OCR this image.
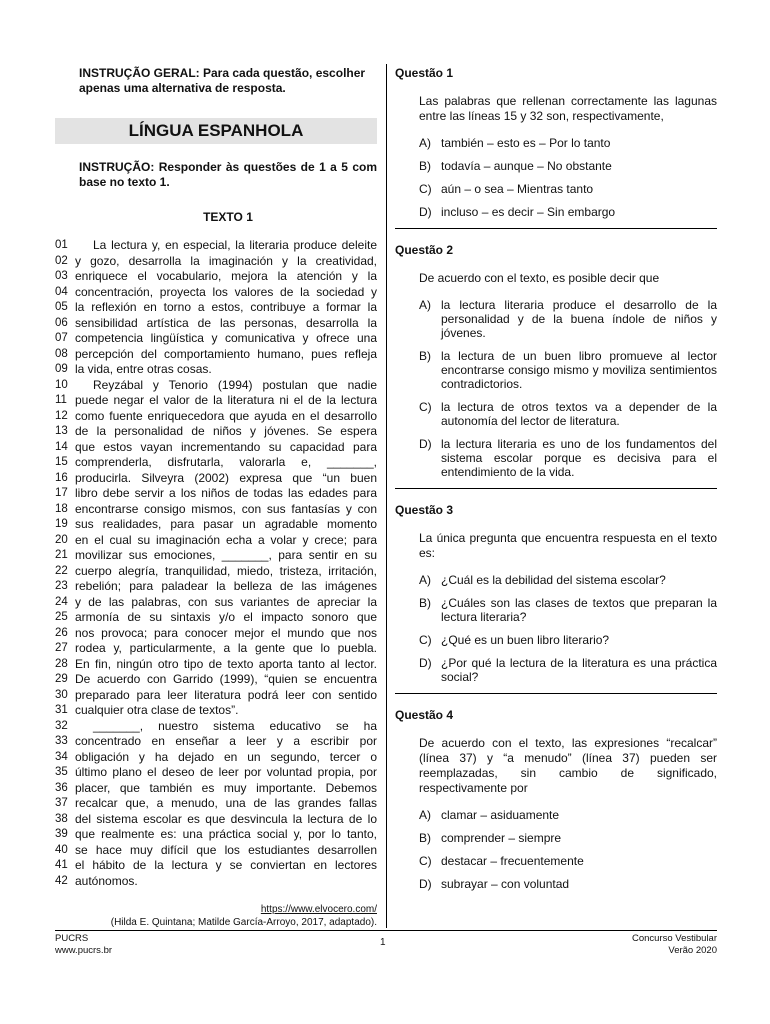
INSTRUÇÃO GERAL: Para cada questão, escolher apenas uma alternativa de resposta.
LÍNGUA ESPANHOLA
INSTRUÇÃO: Responder às questões de 1 a 5 com base no texto 1.
TEXTO 1
01	La lectura y, en especial, la literaria produce deleite
02 y gozo, desarrolla la imaginación y la creatividad,
03 enriquece el vocabulario, mejora la atención y la
04 concentración, proyecta los valores de la sociedad y
05 la reflexión en torno a estos, contribuye a formar la
06 sensibilidad artística de las personas, desarrolla la
07 competencia lingüística y comunicativa y ofrece una
08 percepción del comportamiento humano, pues refleja
09 la vida, entre otras cosas.
10	Reyzábal y Tenorio (1994) postulan que nadie
11 puede negar el valor de la literatura ni el de la lectura
12 como fuente enriquecedora que ayuda en el desarrollo
13 de la personalidad de niños y jóvenes. Se espera
14 que estos vayan incrementando su capacidad para
15 comprenderla, disfrutarla, valorarla e, _______,
16 producirla. Silveyra (2002) expresa que “un buen
17 libro debe servir a los niños de todas las edades para
18 encontrarse consigo mismos, con sus fantasías y con
19 sus realidades, para pasar un agradable momento
20 en el cual su imaginación echa a volar y crece; para
21 movilizar sus emociones, _______, para sentir en su
22 cuerpo alegría, tranquilidad, miedo, tristeza, irritación,
23 rebelión; para paladear la belleza de las imágenes
24 y de las palabras, con sus variantes de apreciar la
25 armonía de su sintaxis y/o el impacto sonoro que
26 nos provoca; para conocer mejor el mundo que nos
27 rodea y, particularmente, a la gente que lo puebla.
28 En fin, ningún otro tipo de texto aporta tanto al lector.
29 De acuerdo con Garrido (1999), “quien se encuentra
30 preparado para leer literatura podrá leer con sentido
31 cualquier otra clase de textos”.
32	_______, nuestro sistema educativo se ha
33 concentrado en enseñar a leer y a escribir por
34 obligación y ha dejado en un segundo, tercer o
35 último plano el deseo de leer por voluntad propia, por
36 placer, que también es muy importante. Debemos
37 recalcar que, a menudo, una de las grandes fallas
38 del sistema escolar es que desvincula la lectura de lo
39 que realmente es: una práctica social y, por lo tanto,
40 se hace muy difícil que los estudiantes desarrollen
41 el hábito de la lectura y se conviertan en lectores
42 autónomos.
https://www.elvocero.com/
(Hilda E. Quintana; Matilde García-Arroyo, 2017, adaptado).
Questão 1
Las palabras que rellenan correctamente las lagunas entre las líneas 15 y 32 son, respectivamente,
A) también – esto es – Por lo tanto
B) todavía – aunque – No obstante
C) aún – o sea – Mientras tanto
D) incluso – es decir – Sin embargo
Questão 2
De acuerdo con el texto, es posible decir que
A) la lectura literaria produce el desarrollo de la personalidad y de la buena índole de niños y jóvenes.
B) la lectura de un buen libro promueve al lector encontrarse consigo mismo y moviliza sentimientos contradictorios.
C) la lectura de otros textos va a depender de la autonomía del lector de literatura.
D) la lectura literaria es uno de los fundamentos del sistema escolar porque es decisiva para el entendimiento de la vida.
Questão 3
La única pregunta que encuentra respuesta en el texto es:
A) ¿Cuál es la debilidad del sistema escolar?
B) ¿Cuáles son las clases de textos que preparan la lectura literaria?
C) ¿Qué es un buen libro literario?
D) ¿Por qué la lectura de la literatura es una práctica social?
Questão 4
De acuerdo con el texto, las expresiones “recalcar” (línea 37) y “a menudo” (línea 37) pueden ser reemplazadas, sin cambio de significado, respectivamente por
A) clamar – asiduamente
B) comprender – siempre
C) destacar – frecuentemente
D) subrayar – con voluntad
PUCRS
www.pucrs.br
1	Concurso Vestibular
Verão 2020
